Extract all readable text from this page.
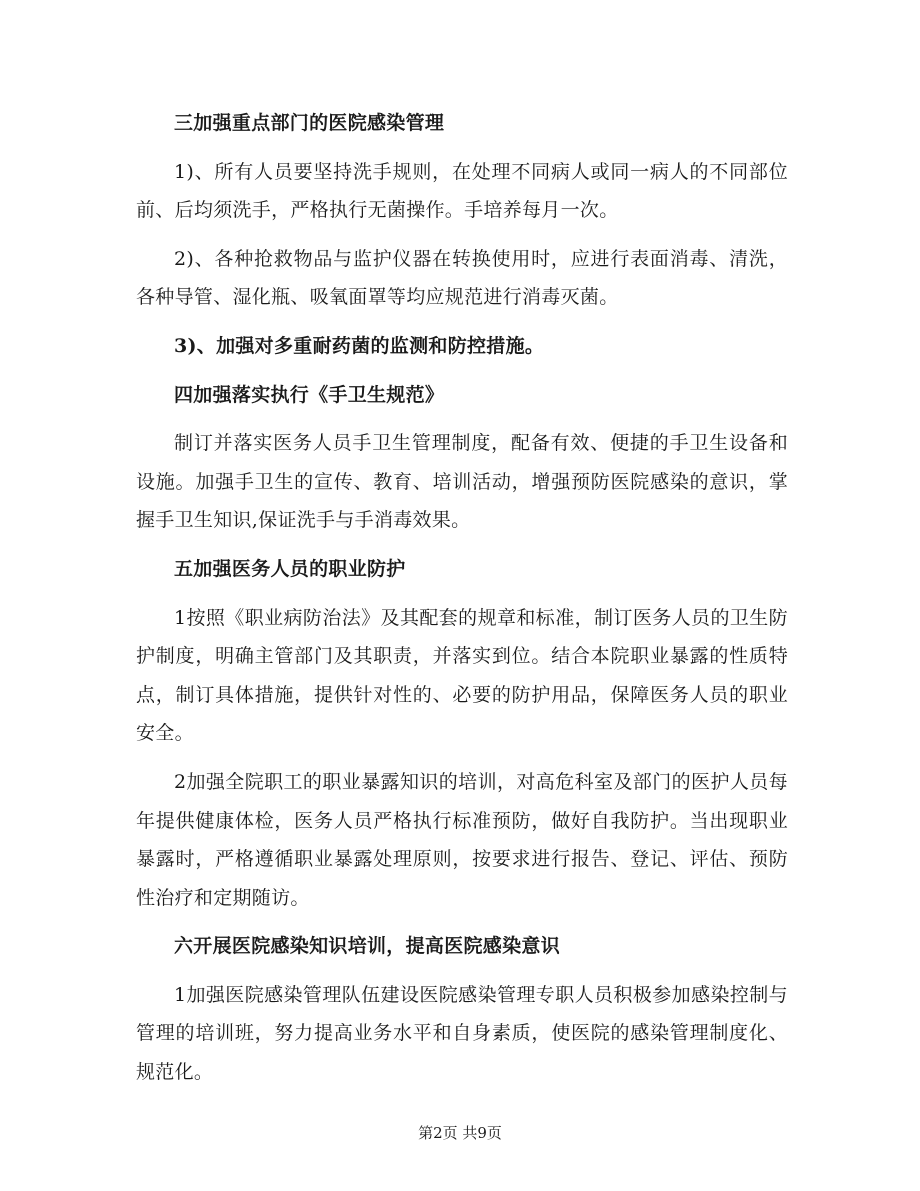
三加强重点部门的医院感染管理

1)、所有人员要坚持洗手规则，在处理不同病人或同一病人的不同部位前、后均须洗手，严格执行无菌操作。手培养每月一次。

2)、各种抢救物品与监护仪器在转换使用时，应进行表面消毒、清洗，各种导管、湿化瓶、吸氧面罩等均应规范进行消毒灭菌。

3)、加强对多重耐药菌的监测和防控措施。

四加强落实执行《手卫生规范》

制订并落实医务人员手卫生管理制度，配备有效、便捷的手卫生设备和设施。加强手卫生的宣传、教育、培训活动，增强预防医院感染的意识，掌握手卫生知识,保证洗手与手消毒效果。

五加强医务人员的职业防护

1按照《职业病防治法》及其配套的规章和标准，制订医务人员的卫生防护制度，明确主管部门及其职责，并落实到位。结合本院职业暴露的性质特点，制订具体措施，提供针对性的、必要的防护用品，保障医务人员的职业安全。

2加强全院职工的职业暴露知识的培训，对高危科室及部门的医护人员每年提供健康体检，医务人员严格执行标准预防，做好自我防护。当出现职业暴露时，严格遵循职业暴露处理原则，按要求进行报告、登记、评估、预防性治疗和定期随访。

六开展医院感染知识培训，提高医院感染意识

1加强医院感染管理队伍建设医院感染管理专职人员积极参加感染控制与管理的培训班，努力提高业务水平和自身素质，使医院的感染管理制度化、规范化。

第2页 共9页
